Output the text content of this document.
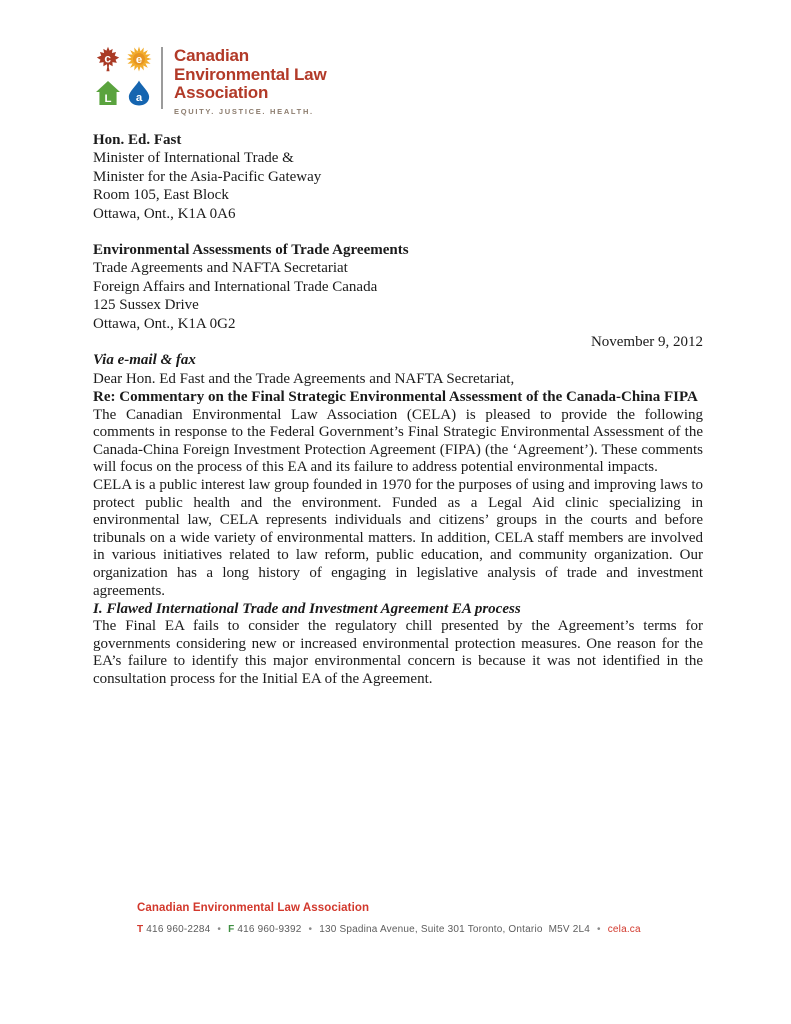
c e
L a
Canadian
Environmental Law
Association
EQUITY. JUSTICE. HEALTH.

Hon. Ed. Fast

Minister of International Trade &

Minister for the Asia-Pacific Gateway

Room 105, East Block

Ottawa, Ont., K1A 0A6

Environmental Assessments of Trade Agreements

Trade Agreements and NAFTA Secretariat

Foreign Affairs and International Trade Canada

125 Sussex Drive

Ottawa, Ont., K1A 0G2

November 9, 2012

Via e-mail & fax

Dear Hon. Ed Fast and the Trade Agreements and NAFTA Secretariat,

Re: Commentary on the Final Strategic Environmental Assessment of the Canada-China FIPA

The Canadian Environmental Law Association (CELA) is pleased to provide the following comments in response to the Federal Government’s Final Strategic Environmental Assessment of the Canada-China Foreign Investment Protection Agreement (FIPA) (the ‘Agreement’). These comments will focus on the process of this EA and its failure to address potential environmental impacts.

CELA is a public interest law group founded in 1970 for the purposes of using and improving laws to protect public health and the environment. Funded as a Legal Aid clinic specializing in environmental law, CELA represents individuals and citizens’ groups in the courts and before tribunals on a wide variety of environmental matters. In addition, CELA staff members are involved in various initiatives related to law reform, public education, and community organization. Our organization has a long history of engaging in legislative analysis of trade and investment agreements.

I. Flawed International Trade and Investment Agreement EA process

The Final EA fails to consider the regulatory chill presented by the Agreement’s terms for governments considering new or increased environmental protection measures. One reason for the EA’s failure to identify this major environmental concern is because it was not identified in the consultation process for the Initial EA of the Agreement.

Canadian Environmental Law Association
T 416 960-2284 • F 416 960-9392 • 130 Spadina Avenue, Suite 301 Toronto, Ontario  M5V 2L4 • cela.ca
